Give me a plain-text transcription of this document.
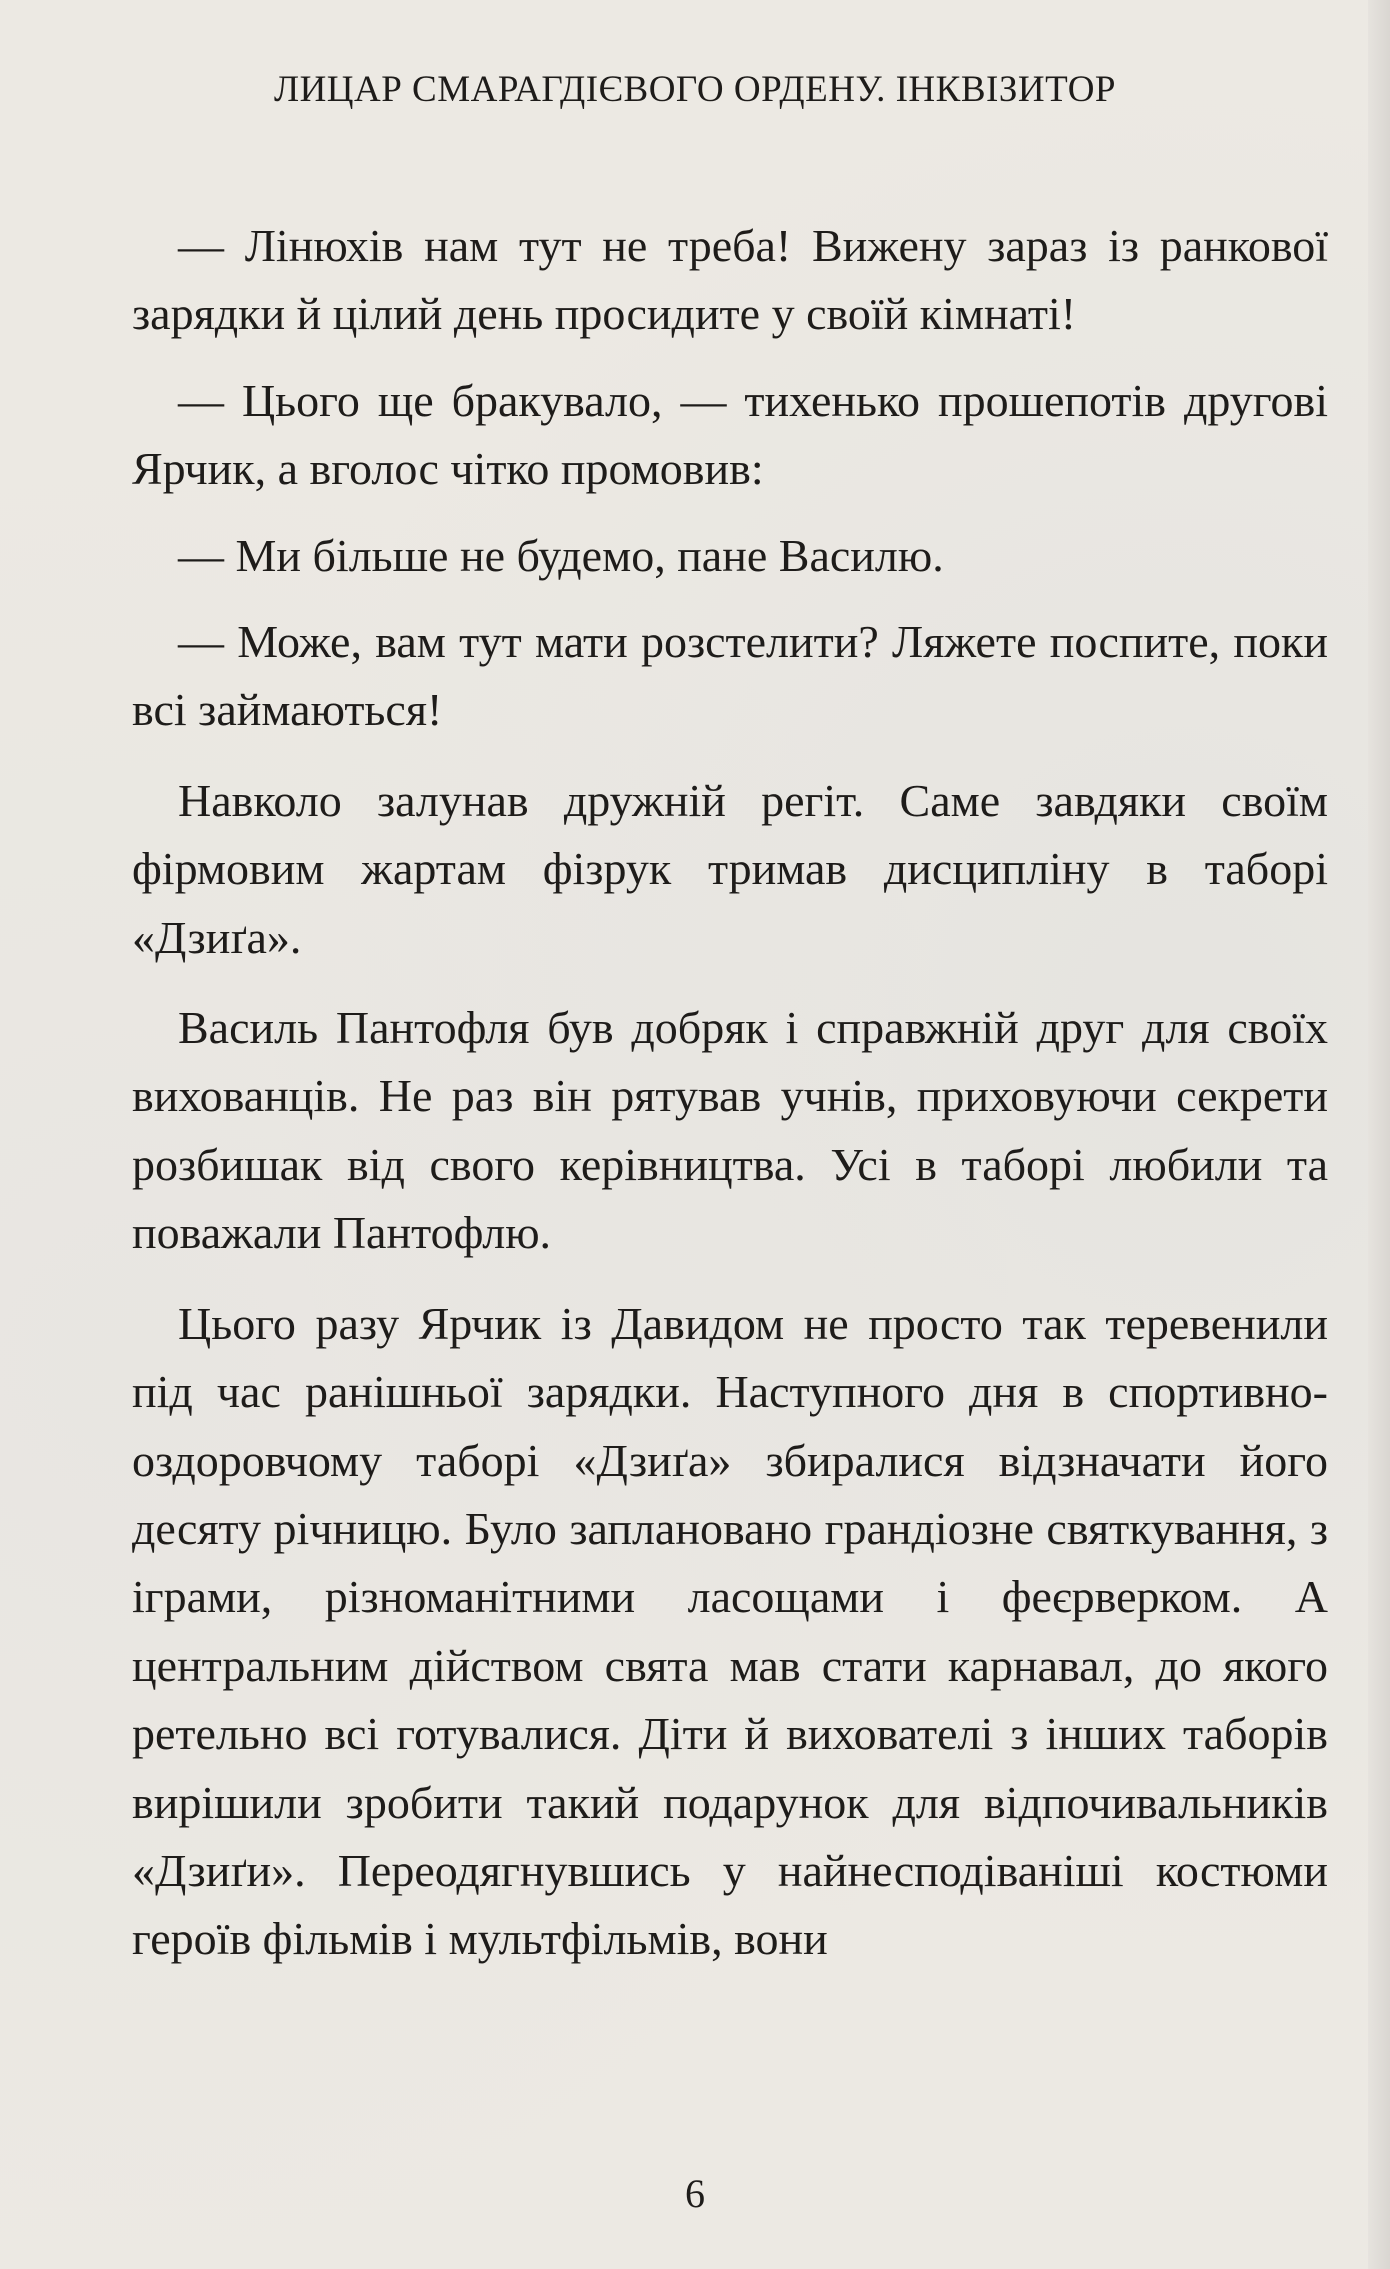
ЛИЦАР СМАРАГДІЄВОГО ОРДЕНУ. ІНКВІЗИТОР

— Лінюхів нам тут не треба! Вижену зараз із ранкової зарядки й цілий день просидите у своїй кімнаті!

— Цього ще бракувало, — тихенько прошепотів другові Ярчик, а вголос чітко промовив:

— Ми більше не будемо, пане Василю.

— Може, вам тут мати розстелити? Ляжете поспите, поки всі займаються!

Навколо залунав дружній регіт. Саме завдяки своїм фірмовим жартам фізрук тримав дисципліну в таборі «Дзиґа».

Василь Пантофля був добряк і справжній друг для своїх вихованців. Не раз він рятував учнів, приховуючи секрети розбишак від свого керівництва. Усі в таборі любили та поважали Пантофлю.

Цього разу Ярчик із Давидом не просто так теревенили під час ранішньої зарядки. Наступного дня в спортивно-оздоровчому таборі «Дзиґа» збиралися відзначати його десяту річницю. Було заплановано грандіозне святкування, з іграми, різноманітними ласощами і феєрверком. А центральним дійством свята мав стати карнавал, до якого ретельно всі готувалися. Діти й вихователі з інших таборів вирішили зробити такий подарунок для відпочивальників «Дзиґи». Переодягнувшись у найнесподіваніші костюми героїв фільмів і мультфільмів, вони

6
